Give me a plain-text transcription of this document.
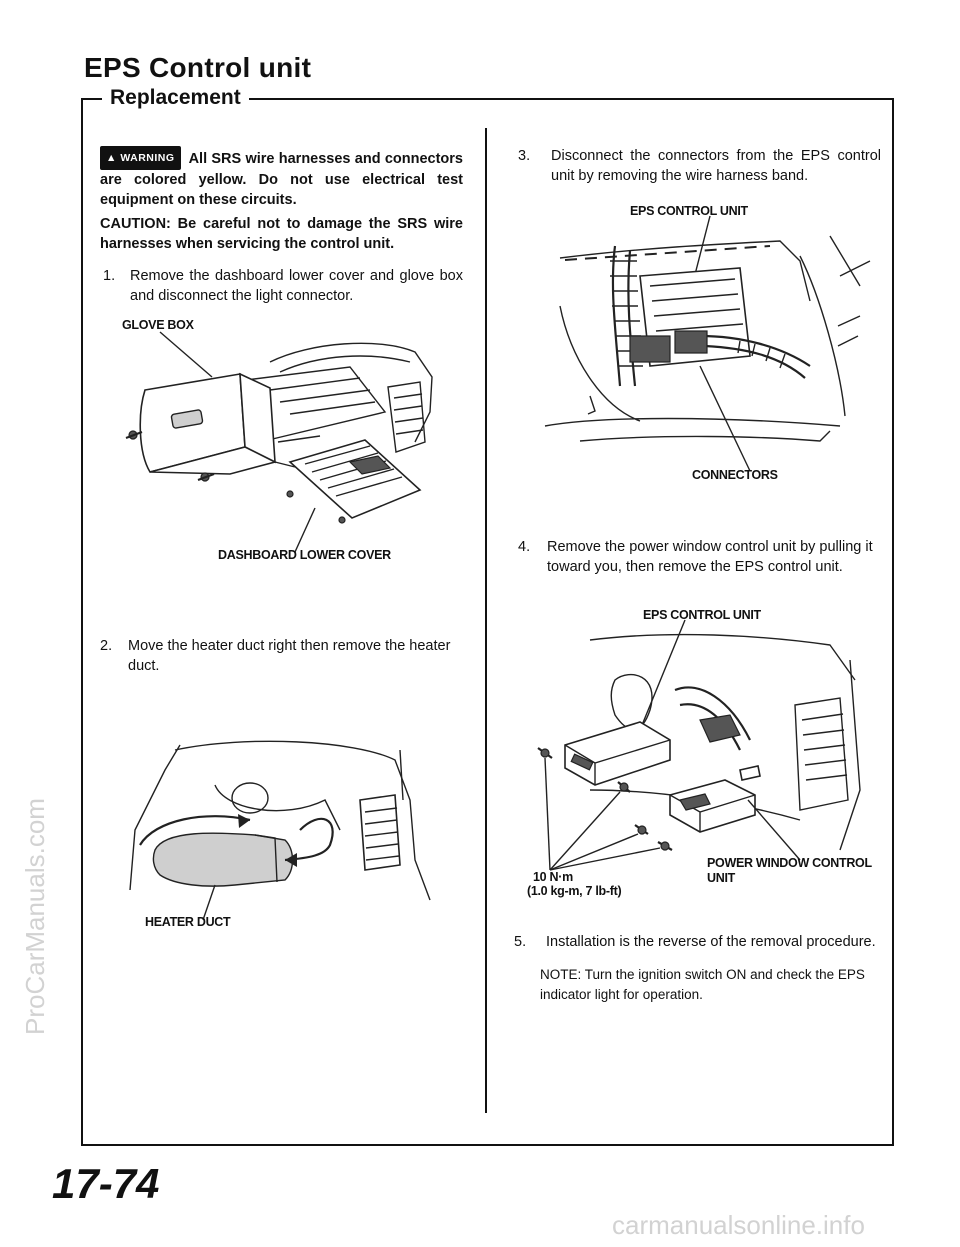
EPS Control unit
Replacement
▲ WARNING All SRS wire harnesses and connectors are colored yellow. Do not use electrical test equipment on these circuits.
CAUTION: Be careful not to damage the SRS wire harnesses when servicing the control unit.
1. Remove the dashboard lower cover and glove box and disconnect the light connector.
GLOVE BOX
DASHBOARD LOWER COVER
2. Move the heater duct right then remove the heater duct.
HEATER DUCT
3. Disconnect the connectors from the EPS control unit by removing the wire harness band.
EPS CONTROL UNIT
CONNECTORS
4. Remove the power window control unit by pulling it toward you, then remove the EPS control unit.
EPS CONTROL UNIT
POWER WINDOW CONTROL UNIT
10 N·m
(1.0 kg-m, 7 lb-ft)
5. Installation is the reverse of the removal procedure.
NOTE: Turn the ignition switch ON and check the EPS indicator light for operation.
17-74
ProCarManuals.com
carmanualsonline.info
